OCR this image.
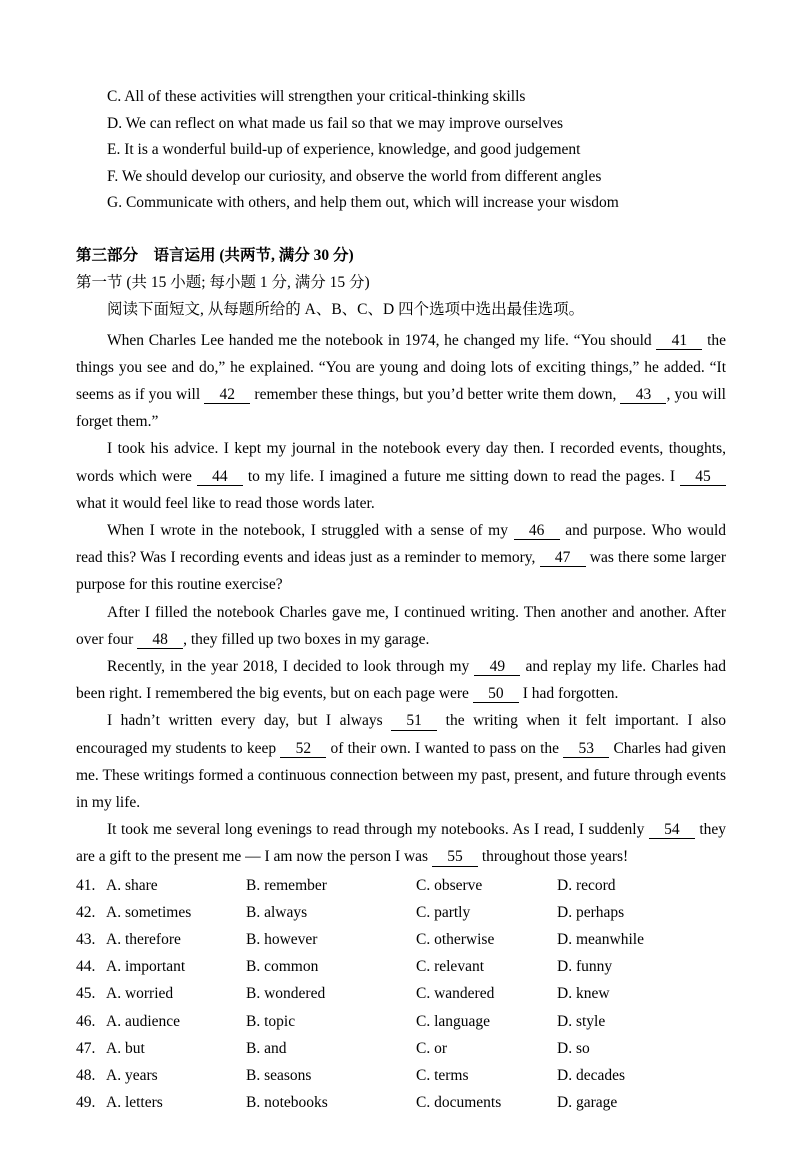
C. All of these activities will strengthen your critical-thinking skills
D. We can reflect on what made us fail so that we may improve ourselves
E. It is a wonderful build-up of experience, knowledge, and good judgement
F. We should develop our curiosity, and observe the world from different angles
G. Communicate with others, and help them out, which will increase your wisdom
第三部分　语言运用 (共两节, 满分 30 分)
第一节 (共 15 小题; 每小题 1 分, 满分 15 分)
阅读下面短文, 从每题所给的 A、B、C、D 四个选项中选出最佳选项。

When Charles Lee handed me the notebook in 1974, he changed my life. “You should 41 the things you see and do,” he explained. “You are young and doing lots of exciting things,” he added. “It seems as if you will 42 remember these things, but you’d better write them down, 43 , you will forget them.”

I took his advice. I kept my journal in the notebook every day then. I recorded events, thoughts, words which were 44 to my life. I imagined a future me sitting down to read the pages. I 45 what it would feel like to read those words later.

When I wrote in the notebook, I struggled with a sense of my 46 and purpose. Who would read this? Was I recording events and ideas just as a reminder to memory, 47 was there some larger purpose for this routine exercise?

After I filled the notebook Charles gave me, I continued writing. Then another and another. After over four 48 , they filled up two boxes in my garage.

Recently, in the year 2018, I decided to look through my 49 and replay my life. Charles had been right. I remembered the big events, but on each page were 50 I had forgotten.

I hadn’t written every day, but I always 51 the writing when it felt important. I also encouraged my students to keep 52 of their own. I wanted to pass on the 53 Charles had given me. These writings formed a continuous connection between my past, present, and future through events in my life.

It took me several long evenings to read through my notebooks. As I read, I suddenly 54 they are a gift to the present me — I am now the person I was 55 throughout those years!

41. A. share	B. remember	C. observe	D. record
42. A. sometimes	B. always	C. partly	D. perhaps
43. A. therefore	B. however	C. otherwise	D. meanwhile
44. A. important	B. common	C. relevant	D. funny
45. A. worried	B. wondered	C. wandered	D. knew
46. A. audience	B. topic	C. language	D. style
47. A. but	B. and	C. or	D. so
48. A. years	B. seasons	C. terms	D. decades
49. A. letters	B. notebooks	C. documents	D. garage
